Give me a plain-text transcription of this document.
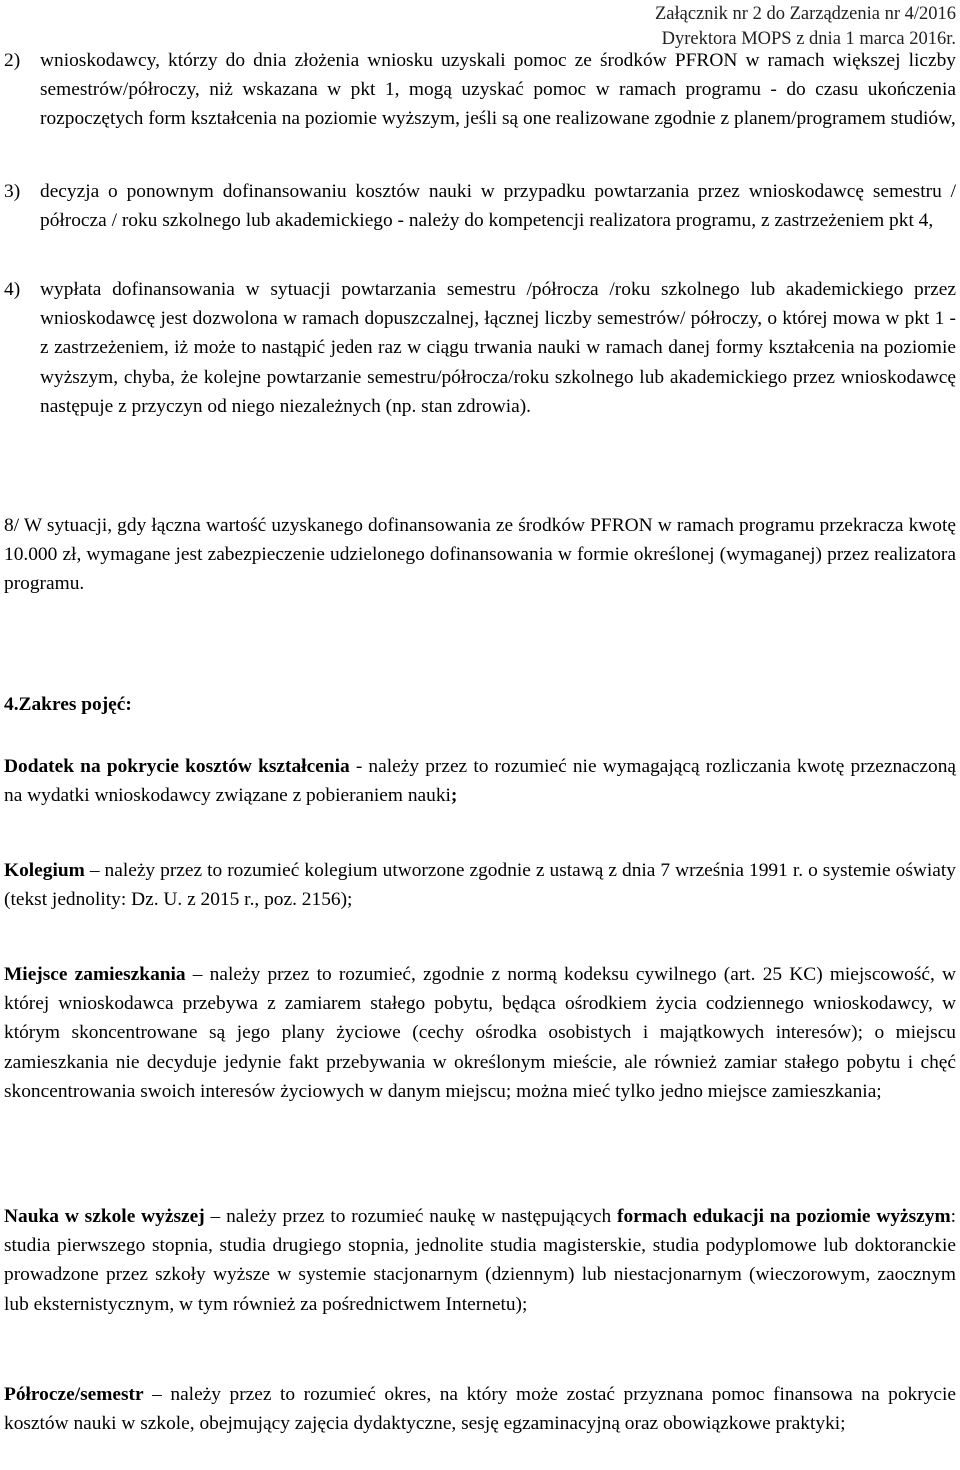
Załącznik nr 2 do Zarządzenia nr 4/2016
Dyrektora MOPS z dnia 1 marca 2016r.
2) wnioskodawcy, którzy do dnia złożenia wniosku uzyskali pomoc ze środków PFRON w ramach większej liczby semestrów/półroczy, niż wskazana w pkt 1, mogą uzyskać pomoc w ramach programu - do czasu ukończenia rozpoczętych form kształcenia na poziomie wyższym, jeśli są one realizowane zgodnie z planem/programem studiów,
3) decyzja o ponownym dofinansowaniu kosztów nauki w przypadku powtarzania przez wnioskodawcę semestru / półrocza / roku szkolnego lub akademickiego - należy do kompetencji realizatora programu, z zastrzeżeniem pkt 4,
4) wypłata dofinansowania w sytuacji powtarzania semestru /półrocza /roku szkolnego lub akademickiego przez wnioskodawcę jest dozwolona w ramach dopuszczalnej, łącznej liczby semestrów/ półroczy, o której mowa w pkt 1 - z zastrzeżeniem, iż może to nastąpić jeden raz w ciągu trwania nauki w ramach danej formy kształcenia na poziomie wyższym, chyba, że kolejne powtarzanie semestru/półrocza/roku szkolnego lub akademickiego przez wnioskodawcę następuje z przyczyn od niego niezależnych (np. stan zdrowia).
8/ W sytuacji, gdy łączna wartość uzyskanego dofinansowania ze środków PFRON w ramach programu przekracza kwotę 10.000 zł, wymagane jest zabezpieczenie udzielonego dofinansowania w formie określonej (wymaganej) przez realizatora programu.
4.Zakres pojęć:
Dodatek na pokrycie kosztów kształcenia - należy przez to rozumieć nie wymagającą rozliczania kwotę przeznaczoną na wydatki wnioskodawcy związane z pobieraniem nauki;
Kolegium – należy przez to rozumieć kolegium utworzone zgodnie z ustawą z dnia 7 września 1991 r. o systemie oświaty (tekst jednolity: Dz. U. z 2015 r., poz. 2156);
Miejsce zamieszkania – należy przez to rozumieć, zgodnie z normą kodeksu cywilnego (art. 25 KC) miejscowość, w której wnioskodawca przebywa z zamiarem stałego pobytu, będąca ośrodkiem życia codziennego wnioskodawcy, w którym skoncentrowane są jego plany życiowe (cechy ośrodka osobistych i majątkowych interesów); o miejscu zamieszkania nie decyduje jedynie fakt przebywania w określonym mieście, ale również zamiar stałego pobytu i chęć skoncentrowania swoich interesów życiowych w danym miejscu; można mieć tylko jedno miejsce zamieszkania;
Nauka w szkole wyższej – należy przez to rozumieć naukę w następujących formach edukacji na poziomie wyższym: studia pierwszego stopnia, studia drugiego stopnia, jednolite studia magisterskie, studia podyplomowe lub doktoranckie prowadzone przez szkoły wyższe w systemie stacjonarnym (dziennym) lub niestacjonarnym (wieczorowym, zaocznym lub eksternistycznym, w tym również za pośrednictwem Internetu);
Półrocze/semestr – należy przez to rozumieć okres, na który może zostać przyznana pomoc finansowa na pokrycie kosztów nauki w szkole, obejmujący zajęcia dydaktyczne, sesję egzaminacyjną oraz obowiązkowe praktyki;
